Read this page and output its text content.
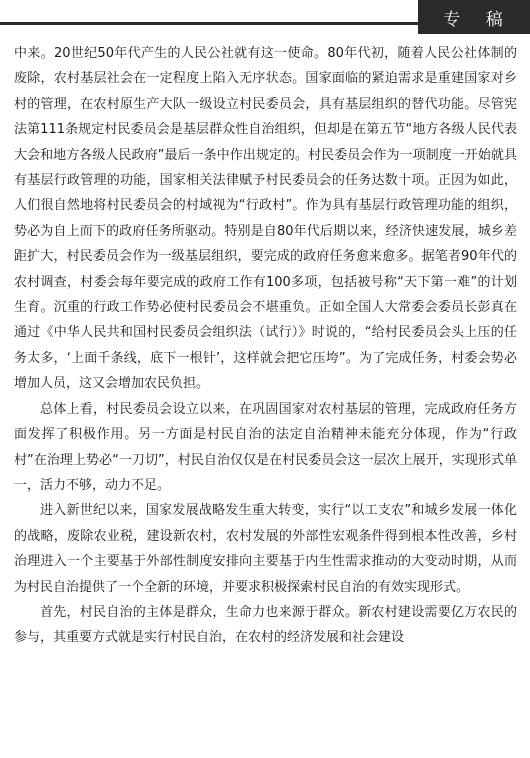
专 稿

中来。20世纪50年代产生的人民公社就有这一使命。80年代初，随着人民公社体制的废除，农村基层社会在一定程度上陷入无序状态。国家面临的紧迫需求是重建国家对乡村的管理，在农村原生产大队一级设立村民委员会，具有基层组织的替代功能。尽管宪法第111条规定村民委员会是基层群众性自治组织，但却是在第五节“地方各级人民代表大会和地方各级人民政府”最后一条中作出规定的。村民委员会作为一项制度一开始就具有基层行政管理的功能，国家相关法律赋予村民委员会的任务达数十项。正因为如此，人们很自然地将村民委员会的村域视为“行政村”。作为具有基层行政管理功能的组织，势必为自上而下的政府任务所驱动。特别是自80年代后期以来，经济快速发展，城乡差距扩大，村民委员会作为一级基层组织，要完成的政府任务愈来愈多。据笔者90年代的农村调查，村委会每年要完成的政府工作有100多项，包括被号称“天下第一难”的计划生育。沉重的行政工作势必使村民委员会不堪重负。正如全国人大常委会委员长彭真在通过《中华人民共和国村民委员会组织法（试行）》时说的，“给村民委员会头上压的任务太多，‘上面千条线，底下一根针’，这样就会把它压垮”。为了完成任务，村委会势必增加人员，这又会增加农民负担。

总体上看，村民委员会设立以来，在巩固国家对农村基层的管理，完成政府任务方面发挥了积极作用。另一方面是村民自治的法定自治精神未能充分体现，作为“行政村”在治理上势必“一刀切”，村民自治仅仅是在村民委员会这一层次上展开，实现形式单一，活力不够，动力不足。

进入新世纪以来，国家发展战略发生重大转变，实行“以工支农”和城乡发展一体化的战略，废除农业税，建设新农村，农村发展的外部性宏观条件得到根本性改善，乡村治理进入一个主要基于外部性制度安排向主要基于内生性需求推动的大变动时期，从而为村民自治提供了一个全新的环境，并要求积极探索村民自治的有效实现形式。

首先，村民自治的主体是群众，生命力也来源于群众。新农村建设需要亿万农民的参与，其重要方式就是实行村民自治，在农村的经济发展和社会建设
